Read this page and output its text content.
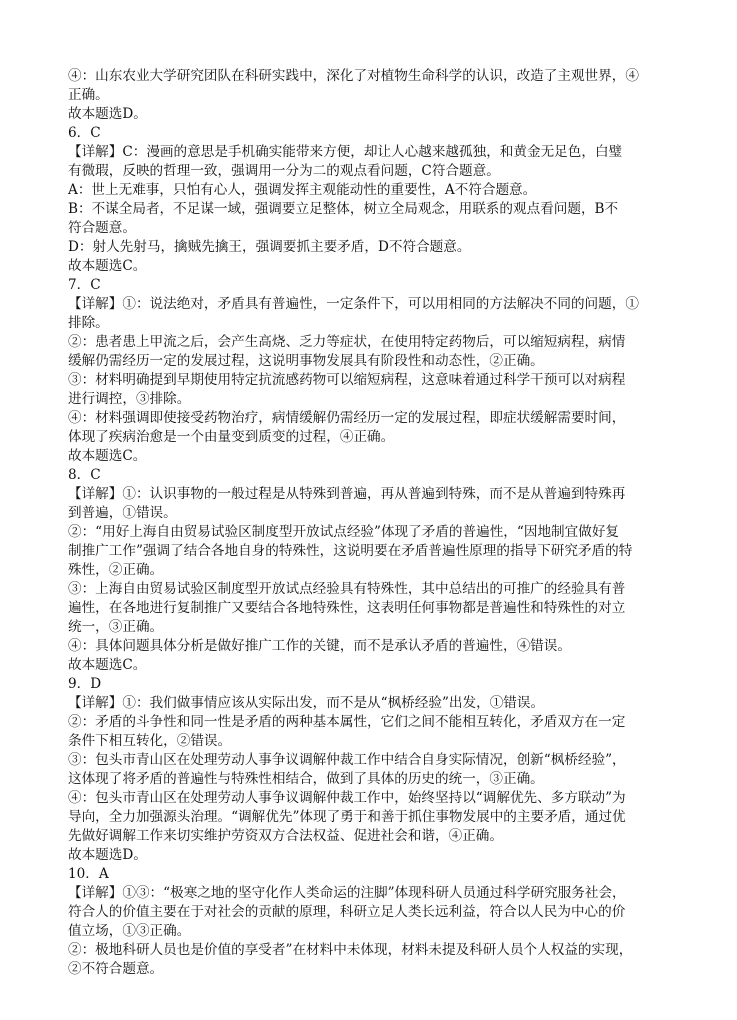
④：山东农业大学研究团队在科研实践中，深化了对植物生命科学的认识，改造了主观世界，④
正确。
故本题选D。
6．C
【详解】C：漫画的意思是手机确实能带来方便，却让人心越来越孤独，和黄金无足色，白璧
有微瑕，反映的哲理一致，强调用一分为二的观点看问题，C符合题意。
A：世上无难事，只怕有心人，强调发挥主观能动性的重要性，A不符合题意。
B：不谋全局者，不足谋一域，强调要立足整体，树立全局观念，用联系的观点看问题，B不
符合题意。
D：射人先射马，擒贼先擒王，强调要抓主要矛盾，D不符合题意。
故本题选C。
7．C
【详解】①：说法绝对，矛盾具有普遍性，一定条件下，可以用相同的方法解决不同的问题，①
排除。
②：患者患上甲流之后，会产生高烧、乏力等症状，在使用特定药物后，可以缩短病程，病情
缓解仍需经历一定的发展过程，这说明事物发展具有阶段性和动态性，②正确。
③：材料明确提到早期使用特定抗流感药物可以缩短病程，这意味着通过科学干预可以对病程
进行调控，③排除。
④：材料强调即使接受药物治疗，病情缓解仍需经历一定的发展过程，即症状缓解需要时间，
体现了疾病治愈是一个由量变到质变的过程，④正确。
故本题选C。
8．C
【详解】①：认识事物的一般过程是从特殊到普遍，再从普遍到特殊，而不是从普遍到特殊再
到普遍，①错误。
②：“用好上海自由贸易试验区制度型开放试点经验”体现了矛盾的普遍性，“因地制宜做好复
制推广工作”强调了结合各地自身的特殊性，这说明要在矛盾普遍性原理的指导下研究矛盾的特
殊性，②正确。
③：上海自由贸易试验区制度型开放试点经验具有特殊性，其中总结出的可推广的经验具有普
遍性，在各地进行复制推广又要结合各地特殊性，这表明任何事物都是普遍性和特殊性的对立
统一，③正确。
④：具体问题具体分析是做好推广工作的关键，而不是承认矛盾的普遍性，④错误。
故本题选C。
9．D
【详解】①：我们做事情应该从实际出发，而不是从“枫桥经验”出发，①错误。
②：矛盾的斗争性和同一性是矛盾的两种基本属性，它们之间不能相互转化，矛盾双方在一定
条件下相互转化，②错误。
③：包头市青山区在处理劳动人事争议调解仲裁工作中结合自身实际情况，创新“枫桥经验”，
这体现了将矛盾的普遍性与特殊性相结合，做到了具体的历史的统一，③正确。
④：包头市青山区在处理劳动人事争议调解仲裁工作中，始终坚持以“调解优先、多方联动”为
导向，全力加强源头治理。“调解优先”体现了勇于和善于抓住事物发展中的主要矛盾，通过优
先做好调解工作来切实维护劳资双方合法权益、促进社会和谐，④正确。
故本题选D。
10．A
【详解】①③：“极寒之地的坚守化作人类命运的注脚”体现科研人员通过科学研究服务社会，
符合人的价值主要在于对社会的贡献的原理，科研立足人类长远利益，符合以人民为中心的价
值立场，①③正确。
②：极地科研人员也是价值的享受者”在材料中未体现，材料未提及科研人员个人权益的实现，
②不符合题意。
